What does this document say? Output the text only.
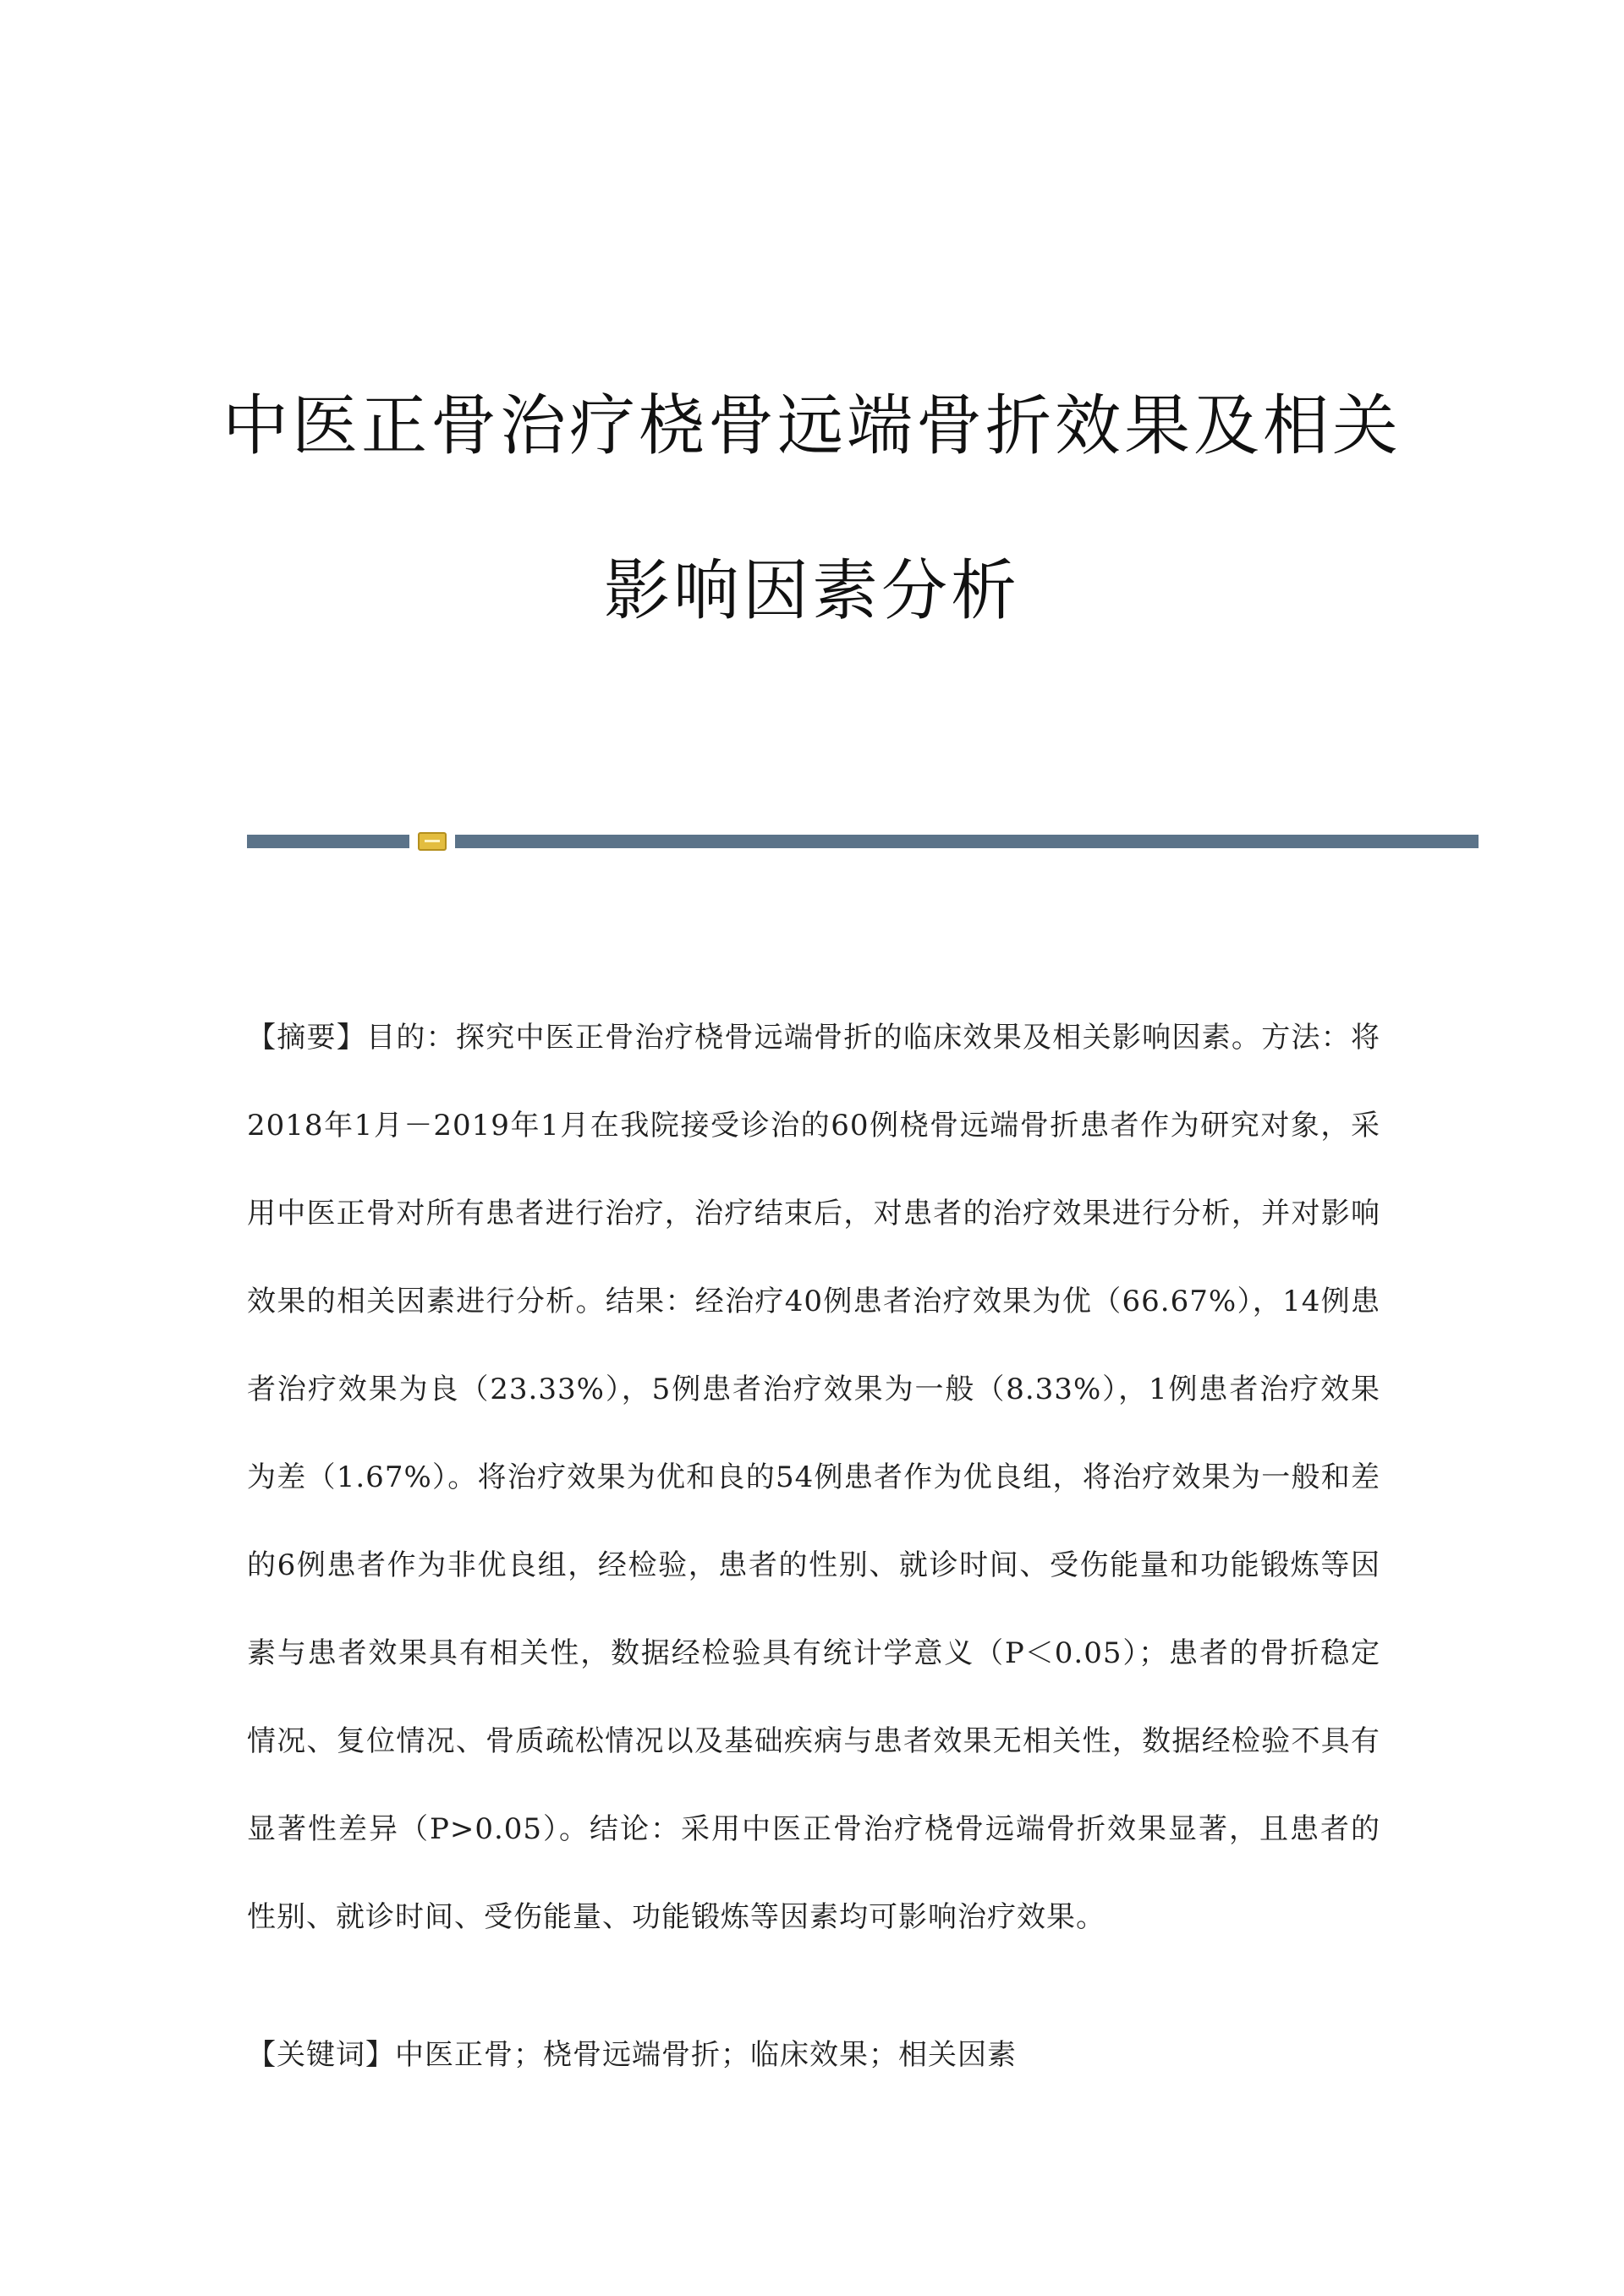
中医正骨治疗桡骨远端骨折效果及相关
影响因素分析

【摘要】目的：探究中医正骨治疗桡骨远端骨折的临床效果及相关影响因素。方法：将2018年1月－2019年1月在我院接受诊治的60例桡骨远端骨折患者作为研究对象，采用中医正骨对所有患者进行治疗，治疗结束后，对患者的治疗效果进行分析，并对影响效果的相关因素进行分析。结果：经治疗40例患者治疗效果为优（66.67%），14例患者治疗效果为良（23.33%），5例患者治疗效果为一般（8.33%），1例患者治疗效果为差（1.67%）。将治疗效果为优和良的54例患者作为优良组，将治疗效果为一般和差的6例患者作为非优良组，经检验，患者的性别、就诊时间、受伤能量和功能锻炼等因素与患者效果具有相关性，数据经检验具有统计学意义（P＜0.05）；患者的骨折稳定情况、复位情况、骨质疏松情况以及基础疾病与患者效果无相关性，数据经检验不具有显著性差异（P>0.05）。结论：采用中医正骨治疗桡骨远端骨折效果显著，且患者的性别、就诊时间、受伤能量、功能锻炼等因素均可影响治疗效果。

【关键词】中医正骨；桡骨远端骨折；临床效果；相关因素
